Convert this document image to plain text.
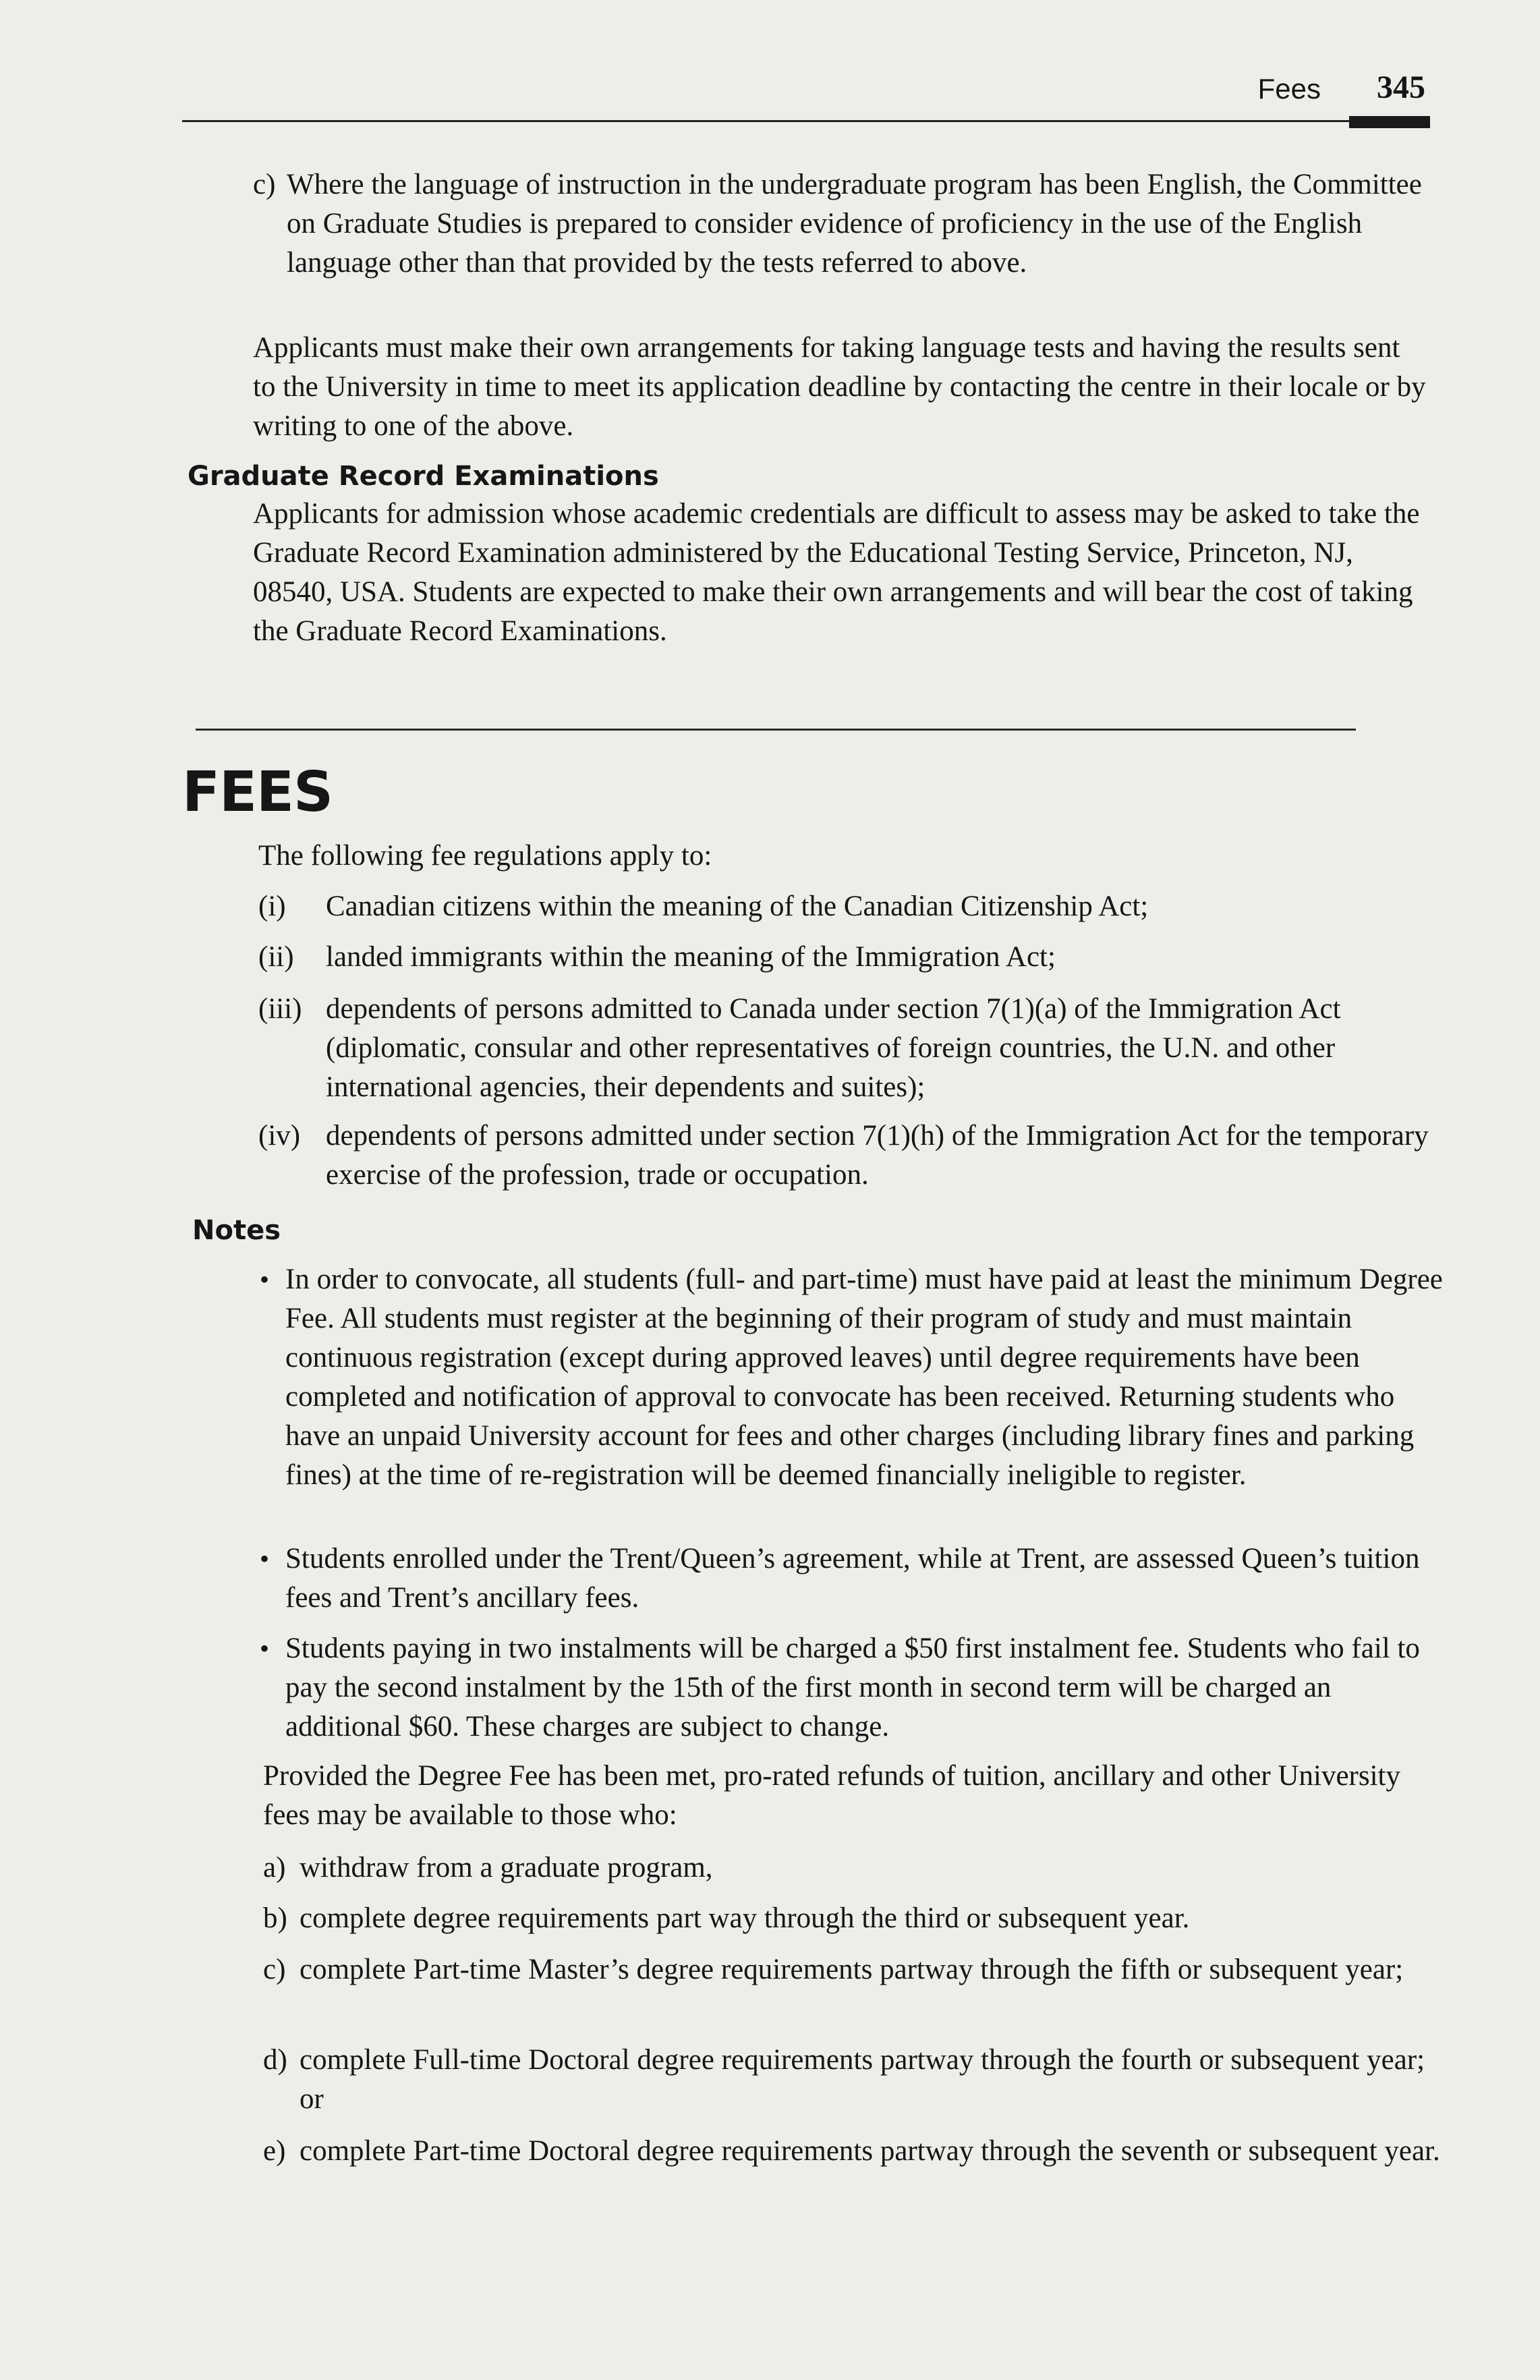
Fees 345
c) Where the language of instruction in the undergraduate program has been English, the Committee on Graduate Studies is prepared to consider evidence of proficiency in the use of the English language other than that provided by the tests referred to above.
Applicants must make their own arrangements for taking language tests and having the results sent to the University in time to meet its application deadline by contacting the centre in their locale or by writing to one of the above.
Graduate Record Examinations
Applicants for admission whose academic credentials are difficult to assess may be asked to take the Graduate Record Examination administered by the Educational Testing Service, Princeton, NJ, 08540, USA. Students are expected to make their own arrangements and will bear the cost of taking the Graduate Record Examinations.
FEES
The following fee regulations apply to:
(i)	Canadian citizens within the meaning of the Canadian Citizenship Act;
(ii)	landed immigrants within the meaning of the Immigration Act;
(iii) dependents of persons admitted to Canada under section 7(1)(a) of the Immigration Act (diplomatic, consular and other representatives of foreign countries, the U.N. and other international agencies, their dependents and suites);
(iv) dependents of persons admitted under section 7(1)(h) of the Immigration Act for the temporary exercise of the profession, trade or occupation.
Notes
• In order to convocate, all students (full- and part-time) must have paid at least the minimum Degree Fee. All students must register at the beginning of their program of study and must maintain continuous registration (except during approved leaves) until degree requirements have been completed and notification of approval to convocate has been received. Returning students who have an unpaid University account for fees and other charges (including library fines and parking fines) at the time of re-registration will be deemed financially ineligible to register.
• Students enrolled under the Trent/Queen’s agreement, while at Trent, are assessed Queen’s tuition fees and Trent’s ancillary fees.
• Students paying in two instalments will be charged a $50 first instalment fee. Students who fail to pay the second instalment by the 15th of the first month in second term will be charged an additional $60. These charges are subject to change.
Provided the Degree Fee has been met, pro-rated refunds of tuition, ancillary and other University fees may be available to those who:
a) withdraw from a graduate program,
b) complete degree requirements part way through the third or subsequent year.
c) complete Part-time Master’s degree requirements partway through the fifth or subsequent year;
d) complete Full-time Doctoral degree requirements partway through the fourth or subsequent year; or
e) complete Part-time Doctoral degree requirements partway through the seventh or subsequent year.
